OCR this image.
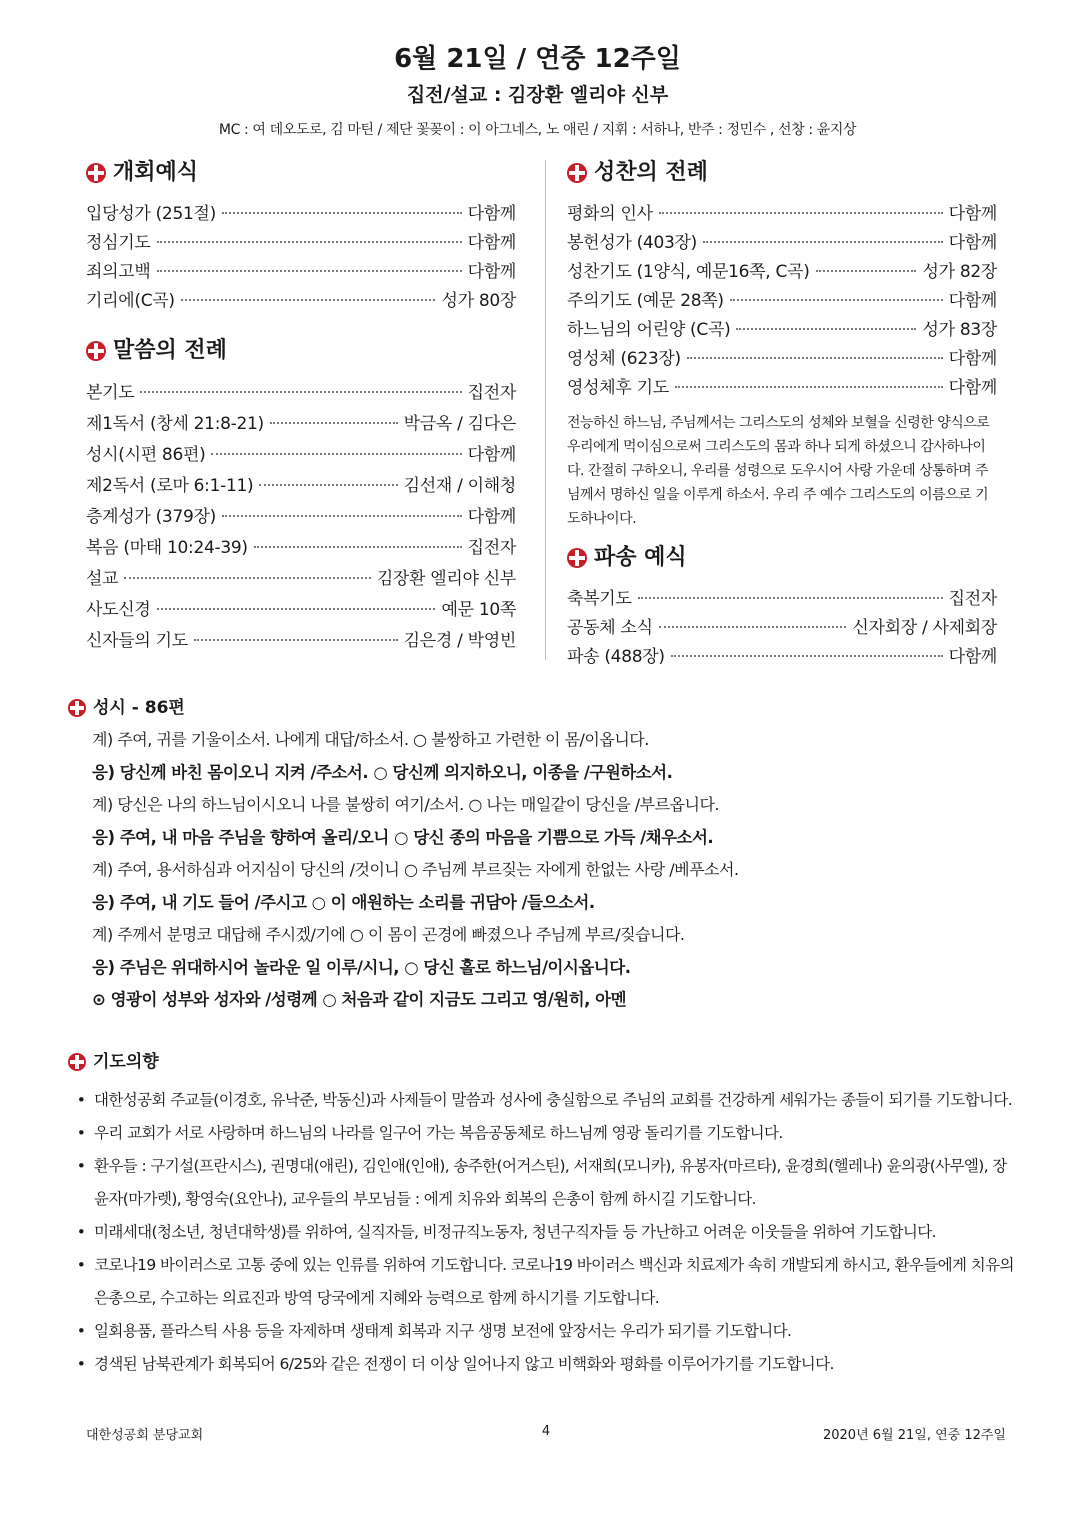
6월 21일 / 연중 12주일
집전/설교 : 김장환 엘리야 신부
MC : 여 데오도로, 김 마틴 / 제단 꽃꽂이 : 이 아그네스, 노 애린 / 지휘 : 서하나, 반주 : 정민수 , 선창 : 윤지상
개회예식
입당성가 (251절)	다함께
정심기도	다함께
죄의고백	다함께
기리에(C곡)	성가 80장
말씀의 전례
본기도	집전자
제1독서 (창세 21:8-21)	박금옥 / 김다은
성시(시편 86편)	다함께
제2독서 (로마 6:1-11)	김선재 / 이해청
층계성가 (379장)	다함께
복음 (마태 10:24-39)	집전자
설교	김장환 엘리야 신부
사도신경	예문 10쪽
신자들의 기도	김은경 / 박영빈
성찬의 전례
평화의 인사	다함께
봉헌성가 (403장)	다함께
성찬기도 (1양식, 예문16쪽, C곡)	성가 82장
주의기도 (예문 28쪽)	다함께
하느님의 어린양 (C곡)	성가 83장
영성체 (623장)	다함께
영성체후 기도	다함께
전능하신 하느님, 주님께서는 그리스도의 성체와 보혈을 신령한 양식으로 우리에게 먹이심으로써 그리스도의 몸과 하나 되게 하셨으니 감사하나이다. 간절히 구하오니, 우리를 성령으로 도우시어 사랑 가운데 상통하며 주님께서 명하신 일을 이루게 하소서. 우리 주 예수 그리스도의 이름으로 기도하나이다.
파송 예식
축복기도	집전자
공동체 소식	신자회장 / 사제회장
파송 (488장)	다함께
성시 - 86편
계) 주여, 귀를 기울이소서. 나에게 대답/하소서. ○ 불쌍하고 가련한 이 몸/이옵니다.
응) 당신께 바친 몸이오니 지켜 /주소서. ○ 당신께 의지하오니, 이종을 /구원하소서.
계) 당신은 나의 하느님이시오니 나를 불쌍히 여기/소서. ○ 나는 매일같이 당신을 /부르옵니다.
응) 주여, 내 마음 주님을 향하여 올리/오니 ○ 당신 종의 마음을 기쁨으로 가득 /채우소서.
계) 주여, 용서하심과 어지심이 당신의 /것이니 ○ 주님께 부르짖는 자에게 한없는 사랑 /베푸소서.
응) 주여, 내 기도 들어 /주시고 ○ 이 애원하는 소리를 귀담아 /들으소서.
계) 주께서 분명코 대답해 주시겠/기에 ○ 이 몸이 곤경에 빠졌으나 주님께 부르/짖습니다.
응) 주님은 위대하시어 놀라운 일 이루/시니, ○ 당신 홀로 하느님/이시옵니다.
⊙ 영광이 성부와 성자와 /성령께 ○ 처음과 같이 지금도 그리고 영/원히, 아멘
기도의향
• 대한성공회 주교들(이경호, 유낙준, 박동신)과 사제들이 말씀과 성사에 충실함으로 주님의 교회를 건강하게 세워가는 종들이 되기를 기도합니다.
• 우리 교회가 서로 사랑하며 하느님의 나라를 일구어 가는 복음공동체로 하느님께 영광 돌리기를 기도합니다.
• 환우들 : 구기설(프란시스), 권명대(애린), 김인애(인애), 송주한(어거스틴), 서재희(모니카), 유봉자(마르타), 윤경희(헬레나) 윤의광(사무엘), 장윤자(마가렛), 황영숙(요안나), 교우들의 부모님들 : 에게 치유와 회복의 은총이 함께 하시길 기도합니다.
• 미래세대(청소년, 청년대학생)를 위하여, 실직자들, 비정규직노동자, 청년구직자들 등 가난하고 어려운 이웃들을 위하여 기도합니다.
• 코로나19 바이러스로 고통 중에 있는 인류를 위하여 기도합니다. 코로나19 바이러스 백신과 치료제가 속히 개발되게 하시고, 환우들에게 치유의 은총으로, 수고하는 의료진과 방역 당국에게 지혜와 능력으로 함께 하시기를 기도합니다.
• 일회용품, 플라스틱 사용 등을 자제하며 생태계 회복과 지구 생명 보전에 앞장서는 우리가 되기를 기도합니다.
• 경색된 남북관계가 회복되어 6/25와 같은 전쟁이 더 이상 일어나지 않고 비핵화와 평화를 이루어가기를 기도합니다.
대한성공회 분당교회	4	2020년 6월 21일, 연중 12주일
